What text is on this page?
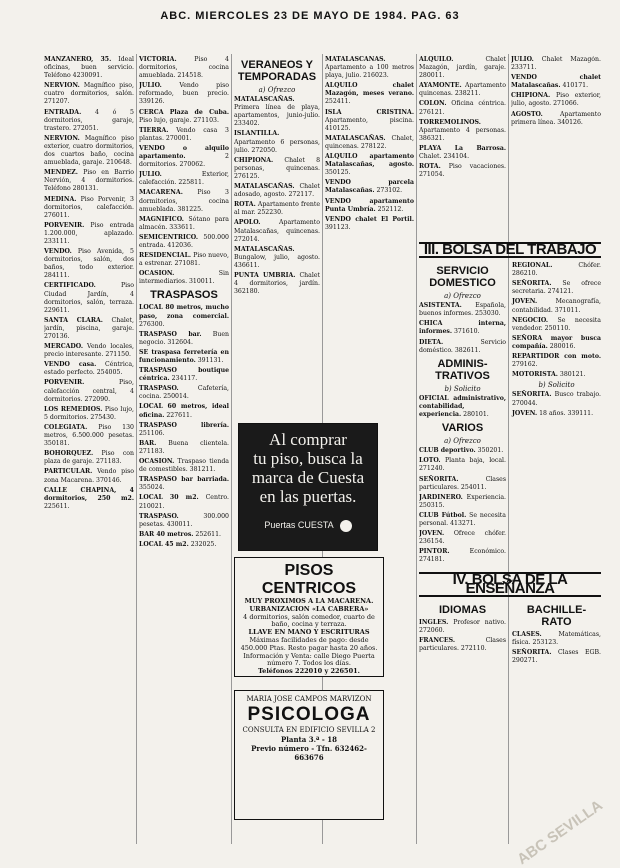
ABC. MIERCOLES 23 DE MAYO DE 1984. PAG. 63

MANZANERO, 35. Ideal oficinas, buen servicio. Teléfono 4230091.

NERVION. Magnífico piso, cuatro dormitorios, salón. 271207.

ENTRADA. 4 ó 5 dormitorios, garaje, trastero. 272051.

NERVION. Magnífico piso exterior, cuatro dormitorios, dos cuartos baño, cocina amueblada, garaje. 210648.

MENDEZ. Piso en Barrio Nervión, 4 dormitorios. Teléfono 280131.

MEDINA. Piso Porvenir, 3 dormitorios, calefacción. 276011.

PORVENIR. Piso entrada 1.200.000, aplazado. 233111.

VENDO. Piso Avenida, 5 dormitorios, salón, dos baños, todo exterior. 284111.

CERTIFICADO. Piso Ciudad Jardín, 4 dormitorios, salón, terraza. 229611.

SANTA CLARA. Chalet, jardín, piscina, garaje. 270136.

MERCADO. Vendo locales, precio interesante. 271150.

VENDO casa. Céntrica, estado perfecto. 254005.

PORVENIR. Piso, calefacción central, 4 dormitorios. 272090.

LOS REMEDIOS. Piso lujo, 5 dormitorios. 275430.

COLEGIATA. Piso 130 metros, 6.500.000 pesetas. 350181.

BOHORQUEZ. Piso con plaza de garaje. 271183.

PARTICULAR. Vendo piso zona Macarena. 370146.

CALLE CHAPINA, 4 dormitorios, 250 m2. 225611.

VICTORIA. Piso 4 dormitorios, cocina amueblada. 214518.

JULIO. Vendo piso reformado, buen precio. 339126.

CERCA Plaza de Cuba. Piso lujo, garaje. 271103.

TIERRA. Vendo casa 3 plantas. 270001.

VENDO o alquilo apartamento. 2 dormitorios. 270062.

JULIO. Exterior, calefacción. 225811.

MACARENA. Piso 3 dormitorios, cocina amueblada. 381225.

MAGNIFICO. Sótano para almacén. 333611.

SEMICENTRICO. 500.000 entrada. 412036.

RESIDENCIAL. Piso nuevo, a estrenar. 271081.

OCASION. Sin intermediarios. 310011.

TRASPASOS

LOCAL 80 metros, mucho paso, zona comercial. 276300.

TRASPASO bar. Buen negocio. 312604.

SE traspasa ferretería en funcionamiento. 391131.

TRASPASO boutique céntrica. 234117.

TRASPASO. Cafetería, cocina. 250014.

LOCAL 60 metros, ideal oficina. 227611.

TRASPASO librería. 251106.

BAR. Buena clientela. 271183.

OCASION. Traspaso tienda de comestibles. 381211.

TRASPASO bar barriada. 355024.

LOCAL 30 m2. Centro. 210021.

TRASPASO. 300.000 pesetas. 430011.

BAR 40 metros. 252611.

LOCAL 45 m2. 232025.

VERANEOS Y TEMPORADAS
a) Ofrezco

MATALASCAÑAS. Primera línea de playa, apartamentos, junio-julio. 233402.

ISLANTILLA. Apartamento 6 personas, julio. 272050.

CHIPIONA. Chalet 8 personas, quincenas. 276125.

MATALASCAÑAS. Chalet adosado, agosto. 272117.

ROTA. Apartamento frente al mar. 252230.

APOLO. Apartamento Matalascañas, quincenas. 272014.

MATALASCAÑAS. Bungalow, julio, agosto. 436611.

PUNTA UMBRIA. Chalet 4 dormitorios, jardín. 362180.

MATALASCAÑAS. Apartamento a 100 metros playa, julio. 216023.

ALQUILO chalet Mazagón, meses verano. 252411.

ISLA CRISTINA. Apartamento, piscina. 410125.

MATALASCAÑAS. Chalet, quincenas. 278122.

ALQUILO apartamento Matalascañas, agosto. 350125.

VENDO parcela Matalascañas. 273102.

VENDO apartamento Punta Umbría. 252112.

VENDO chalet El Portil. 391123.

ALQUILO. Chalet Mazagón, jardín, garaje. 280011.

AYAMONTE. Apartamento quincenas. 238211.

COLON. Oficina céntrica. 276121.

TORREMOLINOS. Apartamento 4 personas. 386321.

PLAYA La Barrosa. Chalet. 234104.

ROTA. Piso vacaciones. 271054.

JULIO. Chalet Mazagón. 233711.

VENDO chalet Matalascañas. 410171.

CHIPIONA. Piso exterior, julio, agosto. 271066.

AGOSTO. Apartamento primera línea. 340126.

III. BOLSA DEL TRABAJO
SERVICIO DOMESTICO
a) Ofrezco

ASISTENTA. Española, buenos informes. 253030.

CHICA interna, informes. 371610.

DIETA. Servicio doméstico. 382611.

ADMINIS-TRATIVOS
b) Solicito

OFICIAL administrativo, contabilidad, experiencia. 280101.

VARIOS
a) Ofrezco

CLUB deportivo. 350201.

LOTO. Planta baja, local. 271240.

SEÑORITA. Clases particulares. 254011.

JARDINERO. Experiencia. 250315.

CLUB Fútbol. Se necesita personal. 413271.

JOVEN. Ofrece chófer. 236154.

PINTOR. Económico. 274181.

REGIONAL. Chófer. 286210.

SEÑORITA. Se ofrece secretaria. 274121.

JOVEN. Mecanografía, contabilidad. 371011.

NEGOCIO. Se necesita vendedor. 250110.

SEÑORA mayor busca compañía. 280016.

REPARTIDOR con moto. 279162.

MOTORISTA. 380121.

b) Solicito

SEÑORITA. Busco trabajo. 270044.

JOVEN. 18 años. 339111.

IV. BOLSA DE LA ENSEÑANZA
IDIOMAS

INGLES. Profesor nativo. 272060.

FRANCES. Clases particulares. 272110.

BACHILLE-RATO

CLASES. Matemáticas, física. 253123.

SEÑORITA. Clases EGB. 290271.

Al comprar
tu piso, busca la
marca de Cuesta
en las puertas.
Puertas CUESTA
PISOS CENTRICOS
MUY PROXIMOS A LA MACARENA.
URBANIZACION «LA CABRERA»
4 dormitorios, salón comedor, cuarto de baño, cocina y terraza.
LLAVE EN MANO Y ESCRITURAS
Máximas facilidades de pago: desde 450.000 Ptas. Resto pagar hasta 20 años.
Información y Venta: calle Diego Puerta número 7. Todos los días.
Teléfonos 222010 y 226501.
MARIA JOSE CAMPOS MARVIZON
PSICOLOGA
CONSULTA EN EDIFICIO SEVILLA 2
Planta 3.ª - 18
Previo número - Tfn. 632462-663676
ABC SEVILLA
